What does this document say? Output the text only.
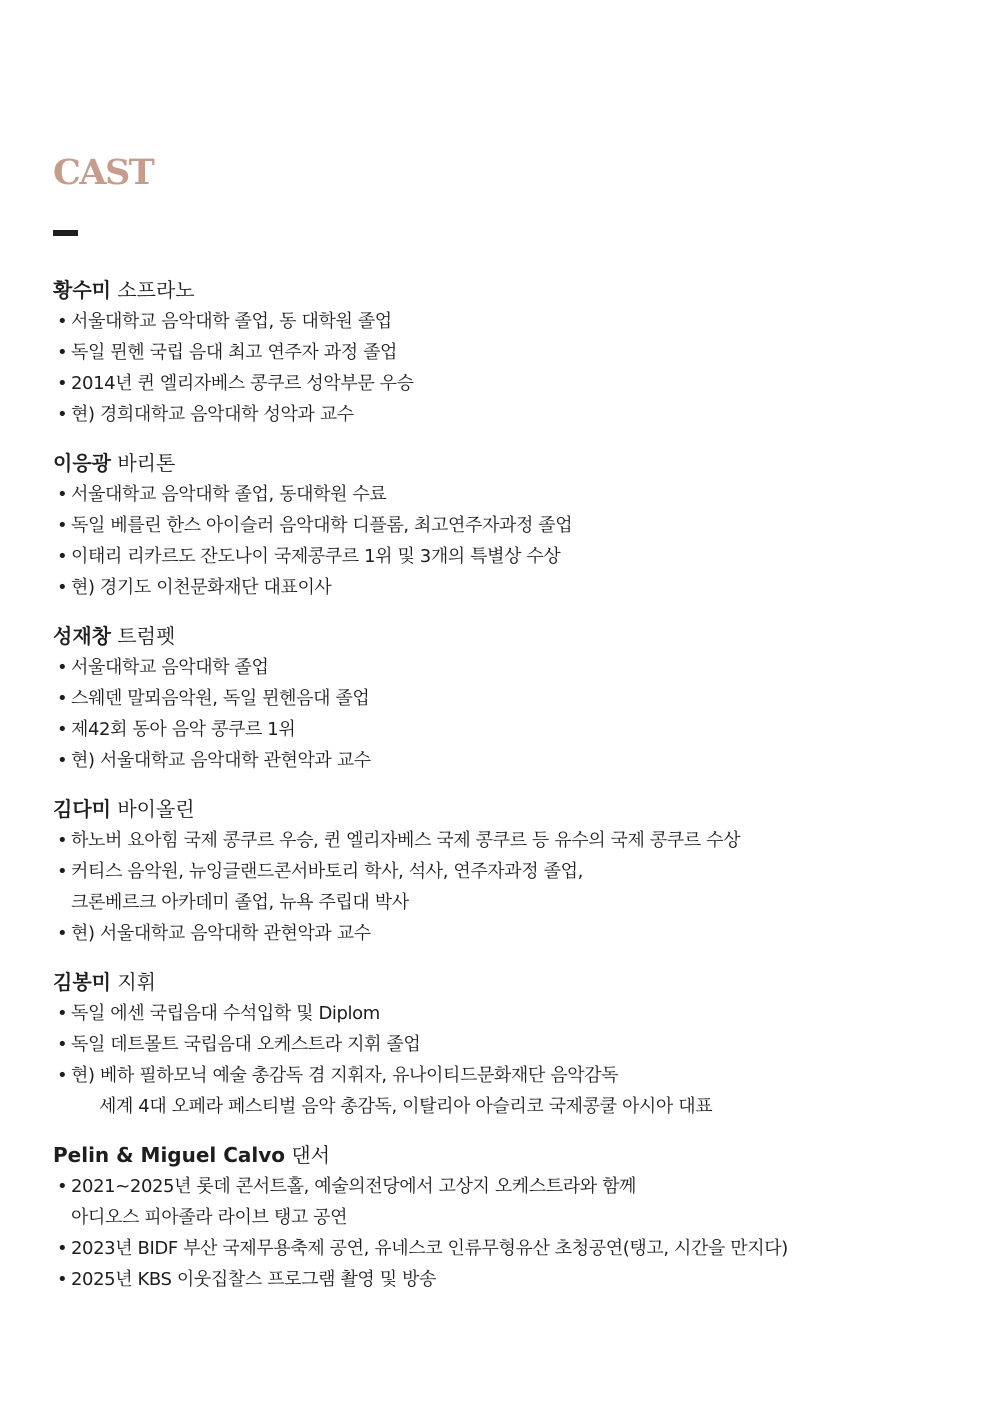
CAST
황수미 소프라노
• 서울대학교 음악대학 졸업, 동 대학원 졸업
• 독일 뮌헨 국립 음대 최고 연주자 과정 졸업
• 2014년 퀸 엘리자베스 콩쿠르 성악부문 우승
• 현) 경희대학교 음악대학 성악과 교수
이응광 바리톤
• 서울대학교 음악대학 졸업, 동대학원 수료
• 독일 베를린 한스 아이슬러 음악대학 디플롬, 최고연주자과정 졸업
• 이태리 리카르도 잔도나이 국제콩쿠르 1위 및 3개의 특별상 수상
• 현) 경기도 이천문화재단 대표이사
성재창 트럼펫
• 서울대학교 음악대학 졸업
• 스웨덴 말뫼음악원, 독일 뮌헨음대 졸업
• 제42회 동아 음악 콩쿠르 1위
• 현) 서울대학교 음악대학 관현악과 교수
김다미 바이올린
• 하노버 요아힘 국제 콩쿠르 우승, 퀸 엘리자베스 국제 콩쿠르 등 유수의 국제 콩쿠르 수상
• 커티스 음악원, 뉴잉글랜드콘서바토리 학사, 석사, 연주자과정 졸업,
크론베르크 아카데미 졸업, 뉴욕 주립대 박사
• 현) 서울대학교 음악대학 관현악과 교수
김봉미 지휘
• 독일 에센 국립음대 수석입학 및 Diplom
• 독일 데트몰트 국립음대 오케스트라 지휘 졸업
• 현) 베하 필하모닉 예술 총감독 겸 지휘자, 유나이티드문화재단 음악감독
세계 4대 오페라 페스티벌 음악 총감독, 이탈리아 아슬리코 국제콩쿨 아시아 대표
Pelin & Miguel Calvo 댄서
• 2021~2025년 롯데 콘서트홀, 예술의전당에서 고상지 오케스트라와 함께
아디오스 피아졸라 라이브 탱고 공연
• 2023년 BIDF 부산 국제무용축제 공연, 유네스코 인류무형유산 초청공연(탱고, 시간을 만지다)
• 2025년 KBS 이웃집찰스 프로그램 촬영 및 방송
